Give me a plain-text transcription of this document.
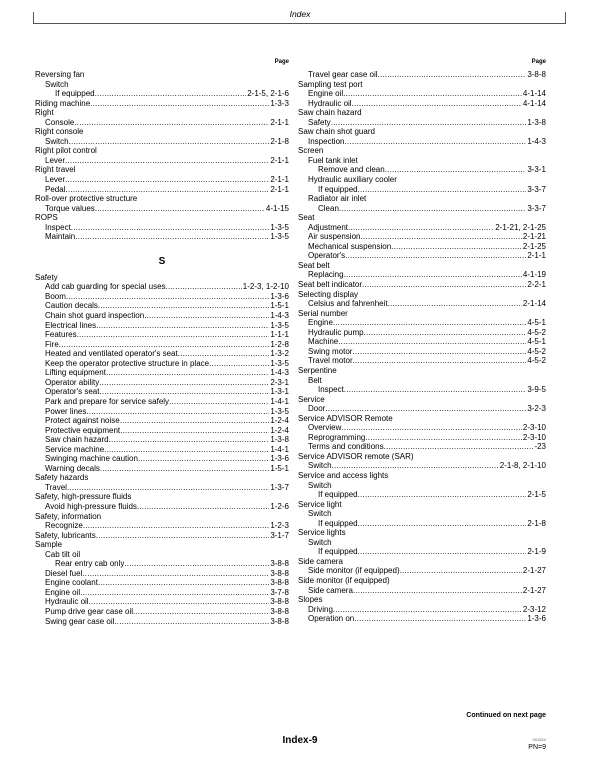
Index
Page
Reversing fan
Switch
If equipped .....	2-1-5, 2-1-6
Riding machine .....	1-3-3
Right
Console .....	2-1-1
Right console
Switch .....	2-1-8
Right pilot control
Lever .....	2-1-1
Right travel
Lever .....	2-1-1
Pedal .....	2-1-1
Roll-over protective structure
Torque values .....	4-1-15
ROPS
Inspect .....	1-3-5
Maintain .....	1-3-5
S
Safety
Add cab guarding for special uses .....	1-2-3, 1-2-10
Boom .....	1-3-6
Caution decals .....	1-5-1
Chain shot guard inspection .....	1-4-3
Electrical lines .....	1-3-5
Features .....	1-1-1
Fire .....	1-2-8
Heated and ventilated operator's seat .....	1-3-2
Keep the operator protective structure in place .....	1-3-5
Lifting equipment .....	1-4-3
Operator ability .....	2-3-1
Operator's seat .....	1-3-1
Park and prepare for service safely .....	1-4-1
Power lines .....	1-3-5
Protect against noise .....	1-2-4
Protective equipment .....	1-2-4
Saw chain hazard .....	1-3-8
Service machine .....	1-4-1
Swinging machine caution .....	1-3-6
Warning decals .....	1-5-1
Safety hazards
Travel .....	1-3-7
Safety, high-pressure fluids
Avoid high-pressure fluids .....	1-2-6
Safety, information
Recognize .....	1-2-3
Safety, lubricants .....	3-1-7
Sample
Cab tilt oil
Rear entry cab only .....	3-8-8
Diesel fuel .....	3-8-8
Engine coolant .....	3-8-8
Engine oil .....	3-7-8
Hydraulic oil .....	3-8-8
Pump drive gear case oil .....	3-8-8
Swing gear case oil .....	3-8-8
Page
Travel gear case oil .....	3-8-8
Sampling test port
Engine oil .....	4-1-14
Hydraulic oil .....	4-1-14
Saw chain hazard
Safety .....	1-3-8
Saw chain shot guard
Inspection .....	1-4-3
Screen
Fuel tank inlet
Remove and clean .....	3-3-1
Hydraulic auxiliary cooler
If equipped .....	3-3-7
Radiator air inlet
Clean .....	3-3-7
Seat
Adjustment .....	2-1-21, 2-1-25
Air suspension .....	2-1-21
Mechanical suspension .....	2-1-25
Operator's .....	2-1-1
Seat belt
Replacing .....	4-1-19
Seat belt indicator .....	2-2-1
Selecting display
Celsius and fahrenheit .....	2-1-14
Serial number
Engine .....	4-5-1
Hydraulic pump .....	4-5-2
Machine .....	4-5-1
Swing motor .....	4-5-2
Travel motor .....	4-5-2
Serpentine
Belt
Inspect .....	3-9-5
Service
Door .....	3-2-3
Service ADVISOR Remote
Overview .....	2-3-10
Reprogramming .....	2-3-10
Terms and conditions .....	-23
Service ADVISOR remote (SAR)
Switch .....	2-1-8, 2-1-10
Service and access lights
Switch
If equipped .....	2-1-5
Service light
Switch
If equipped .....	2-1-8
Service lights
Switch
If equipped .....	2-1-9
Side camera
Side monitor (if equipped) .....	2-1-27
Side monitor (if equipped)
Side camera .....	2-1-27
Slopes
Driving .....	2-3-12
Operation on .....	1-3-6
Continued on next page
Index-9	051624
PN=9
